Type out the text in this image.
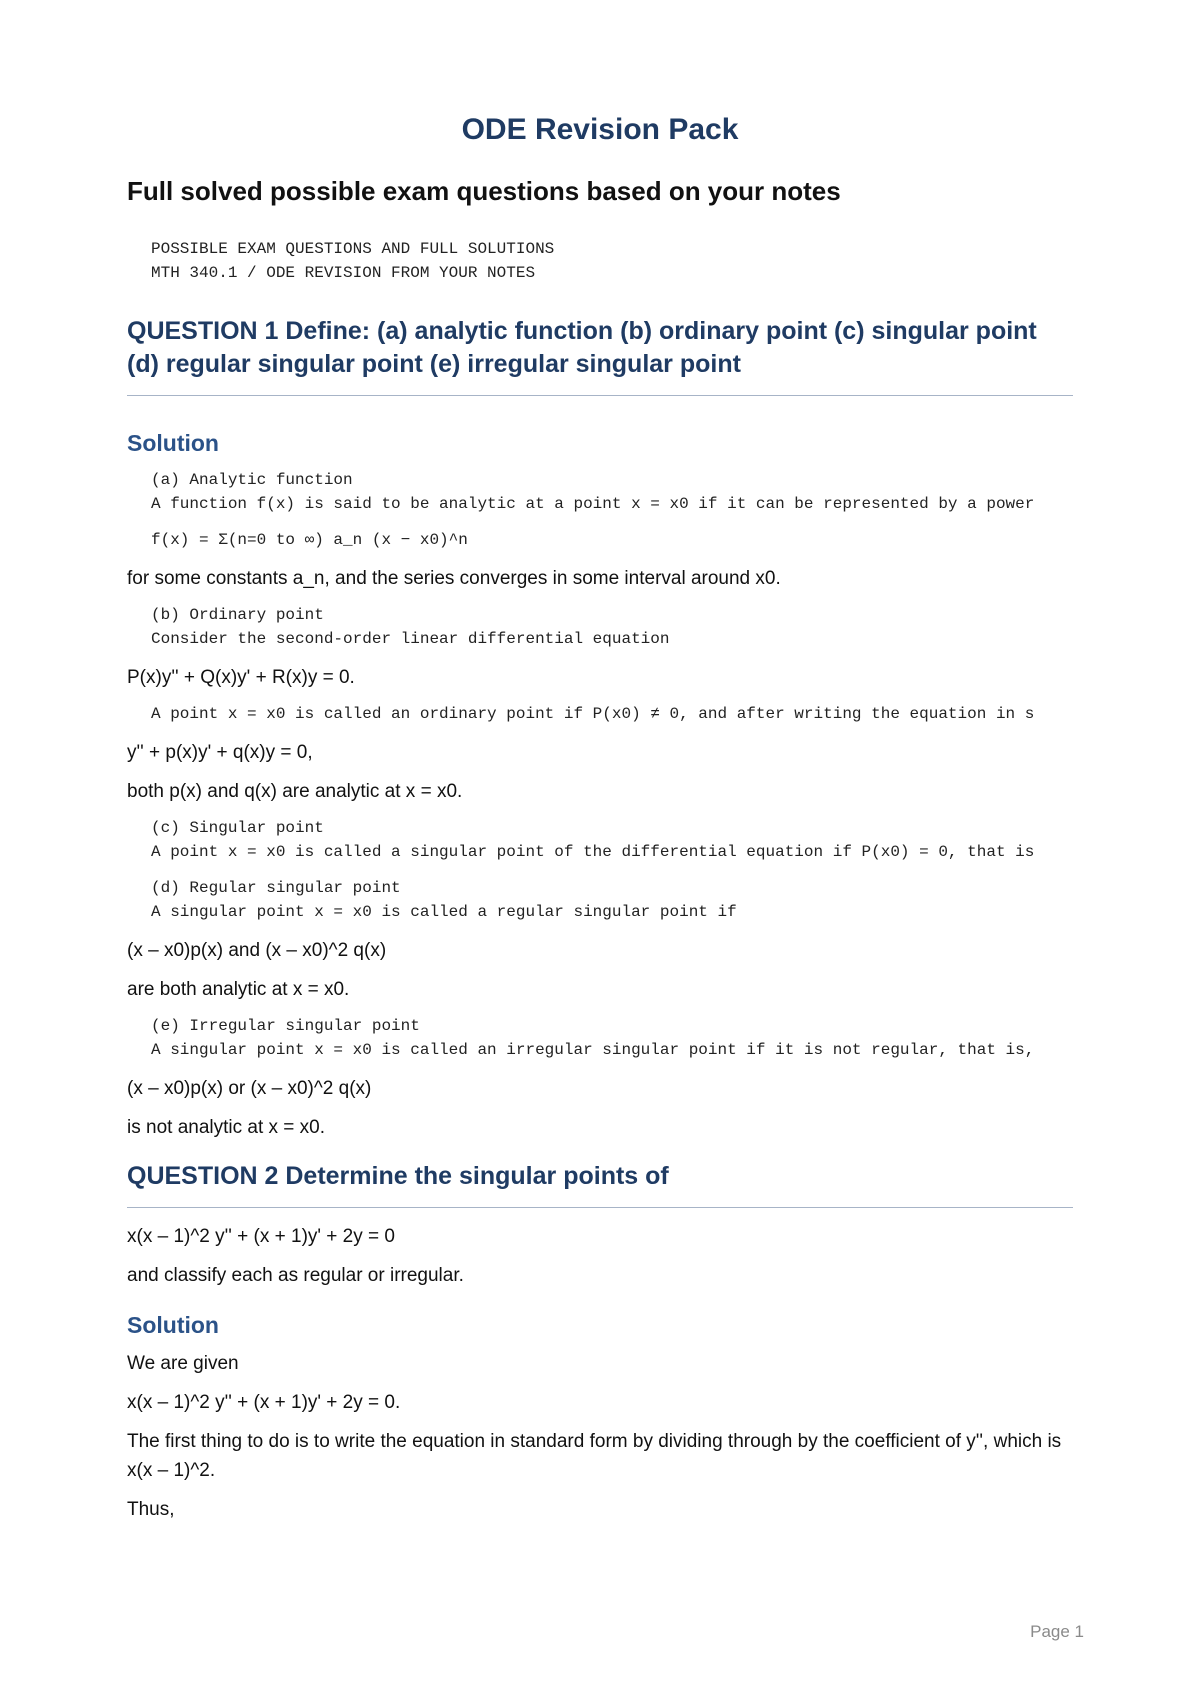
ODE Revision Pack
Full solved possible exam questions based on your notes
POSSIBLE EXAM QUESTIONS AND FULL SOLUTIONS
MTH 340.1 / ODE REVISION FROM YOUR NOTES
QUESTION 1 Define: (a) analytic function (b) ordinary point (c) singular point (d) regular singular point (e) irregular singular point
Solution
(a) Analytic function
A function f(x) is said to be analytic at a point x = x0 if it can be represented by a power
f(x) = Σ(n=0 to ∞) a_n (x − x0)^n
for some constants a_n, and the series converges in some interval around x0.
(b) Ordinary point
Consider the second-order linear differential equation
P(x)y'' + Q(x)y' + R(x)y = 0.
A point x = x0 is called an ordinary point if P(x0) ≠ 0, and after writing the equation in s
y'' + p(x)y' + q(x)y = 0,
both p(x) and q(x) are analytic at x = x0.
(c) Singular point
A point x = x0 is called a singular point of the differential equation if P(x0) = 0, that is
(d) Regular singular point
A singular point x = x0 is called a regular singular point if
(x – x0)p(x) and (x – x0)^2 q(x)
are both analytic at x = x0.
(e) Irregular singular point
A singular point x = x0 is called an irregular singular point if it is not regular, that is,
(x – x0)p(x) or (x – x0)^2 q(x)
is not analytic at x = x0.
QUESTION 2 Determine the singular points of
x(x – 1)^2 y'' + (x + 1)y' + 2y = 0
and classify each as regular or irregular.
Solution
We are given
x(x – 1)^2 y'' + (x + 1)y' + 2y = 0.
The first thing to do is to write the equation in standard form by dividing through by the coefficient of y'', which is x(x – 1)^2.
Thus,
Page 1
